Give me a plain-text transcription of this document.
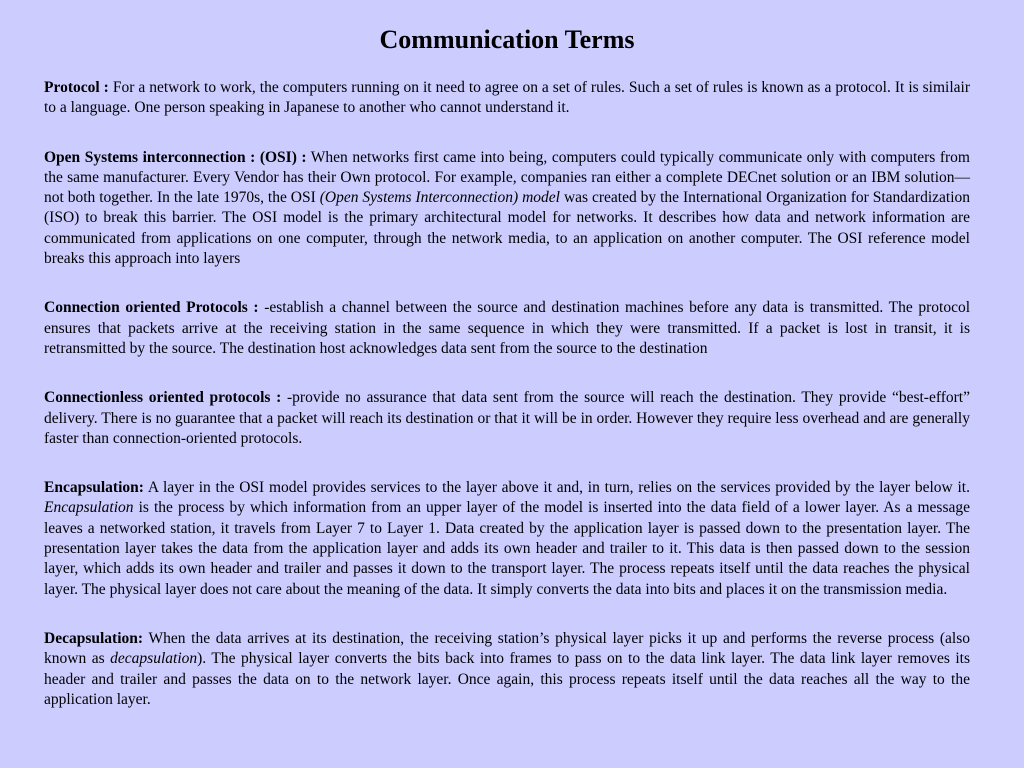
Communication Terms

Protocol : For a network to work, the computers running on it need to agree on a set of rules. Such a set of rules is known as a protocol. It is similair to a language. One person speaking in Japanese to another who cannot understand it.

Open Systems interconnection : (OSI) : When networks first came into being, computers could typically communicate only with computers from the same manufacturer. Every Vendor has their Own protocol. For example, companies ran either a complete DECnet solution or an IBM solution—not both together. In the late 1970s, the OSI (Open Systems Interconnection) model was created by the International Organization for Standardization (ISO) to break this barrier. The OSI model is the primary architectural model for networks. It describes how data and network information are communicated from applications on one computer, through the network media, to an application on another computer. The OSI reference model breaks this approach into layers

Connection oriented Protocols : -establish a channel between the source and destination machines before any data is transmitted. The protocol ensures that packets arrive at the receiving station in the same sequence in which they were transmitted. If a packet is lost in transit, it is retransmitted by the source. The destination host acknowledges data sent from the source to the destination

Connectionless oriented protocols : -provide no assurance that data sent from the source will reach the destination. They provide “best-effort” delivery. There is no guarantee that a packet will reach its destination or that it will be in order. However they require less overhead and are generally faster than connection-oriented protocols.

Encapsulation: A layer in the OSI model provides services to the layer above it and, in turn, relies on the services provided by the layer below it. Encapsulation is the process by which information from an upper layer of the model is inserted into the data field of a lower layer. As a message leaves a networked station, it travels from Layer 7 to Layer 1. Data created by the application layer is passed down to the presentation layer. The presentation layer takes the data from the application layer and adds its own header and trailer to it. This data is then passed down to the session layer, which adds its own header and trailer and passes it down to the transport layer. The process repeats itself until the data reaches the physical layer. The physical layer does not care about the meaning of the data. It simply converts the data into bits and places it on the transmission media.

Decapsulation: When the data arrives at its destination, the receiving station’s physical layer picks it up and performs the reverse process (also known as decapsulation). The physical layer converts the bits back into frames to pass on to the data link layer. The data link layer removes its header and trailer and passes the data on to the network layer. Once again, this process repeats itself until the data reaches all the way to the application layer.
